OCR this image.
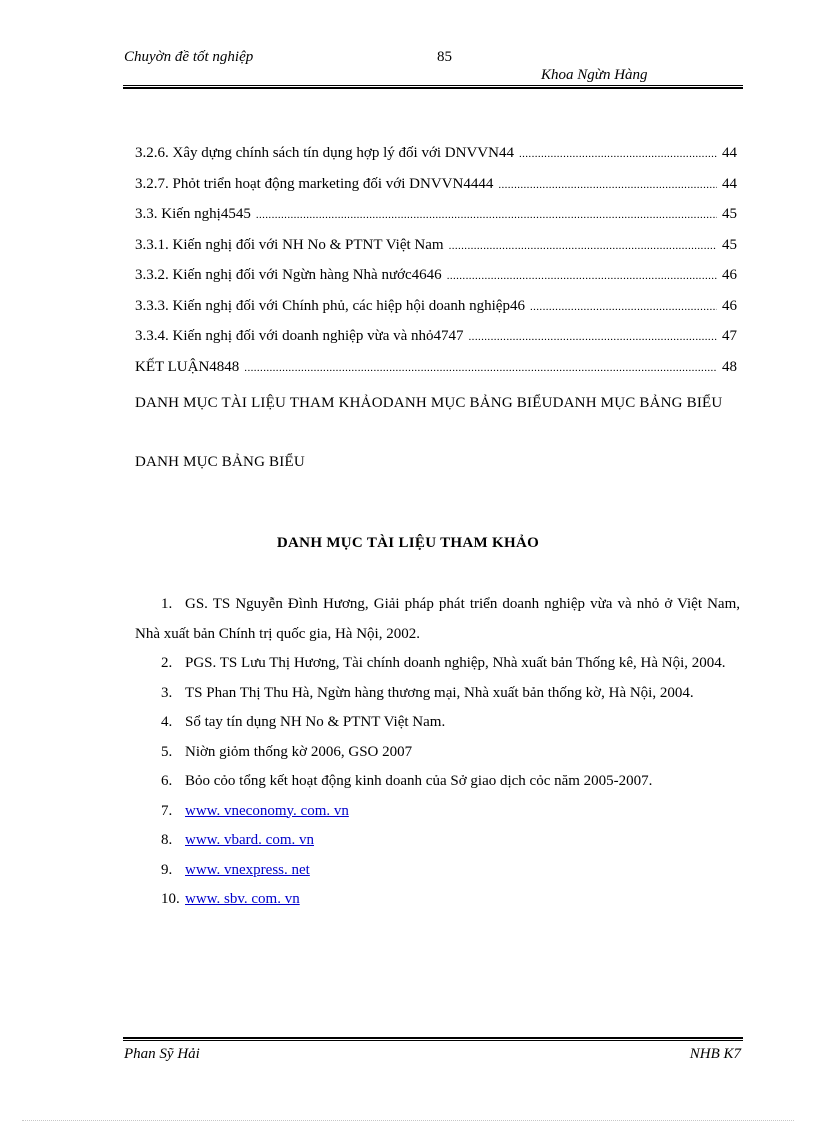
Chuyờn đề tốt nghiệp	85
Khoa Ngừn Hàng
3.2.6. Xây dựng chính sách tín dụng hợp lý đối với DNVVN44 .....	44
3.2.7. Phỏt triển hoạt động marketing đối với DNVVN4444 .....	44
3.3. Kiến nghị4545 .....	45
3.3.1. Kiến nghị đối với NH No & PTNT Việt Nam .....	45
3.3.2. Kiến nghị đối với Ngừn hàng Nhà nước4646 .....	46
3.3.3. Kiến nghị đối với Chính phủ, các hiệp hội doanh nghiệp46 .....	46
3.3.4. Kiến nghị đối với doanh nghiệp vừa và nhỏ4747 .....	47
KẾT LUẬN4848 .....	48
DANH MỤC TÀI LIỆU THAM KHẢODANH MỤC BẢNG BIỂUDANH MỤC BẢNG BIỂU
DANH MỤC BẢNG BIỂU
DANH MỤC TÀI LIỆU THAM KHẢO

1. GS. TS Nguyễn Đình Hương, Giải pháp phát triển doanh nghiệp vừa và nhỏ ở Việt Nam, Nhà xuất bản Chính trị quốc gia, Hà Nội, 2002.

2. PGS. TS Lưu Thị Hương, Tài chính doanh nghiệp, Nhà xuất bản Thống kê, Hà Nội, 2004.

3. TS Phan Thị Thu Hà, Ngừn hàng thương mại, Nhà xuất bản thống kờ, Hà Nội, 2004.

4. Sổ tay tín dụng NH No & PTNT Việt Nam.

5. Niờn giỏm thống kờ 2006, GSO 2007

6. Bỏo cỏo tổng kết hoạt động kinh doanh của Sở giao dịch cỏc năm 2005-2007.

7. www. vneconomy. com. vn

8. www. vbard. com. vn

9. www. vnexpress. net

10. www. sbv. com. vn

Phan Sỹ Hải	NHB K7
